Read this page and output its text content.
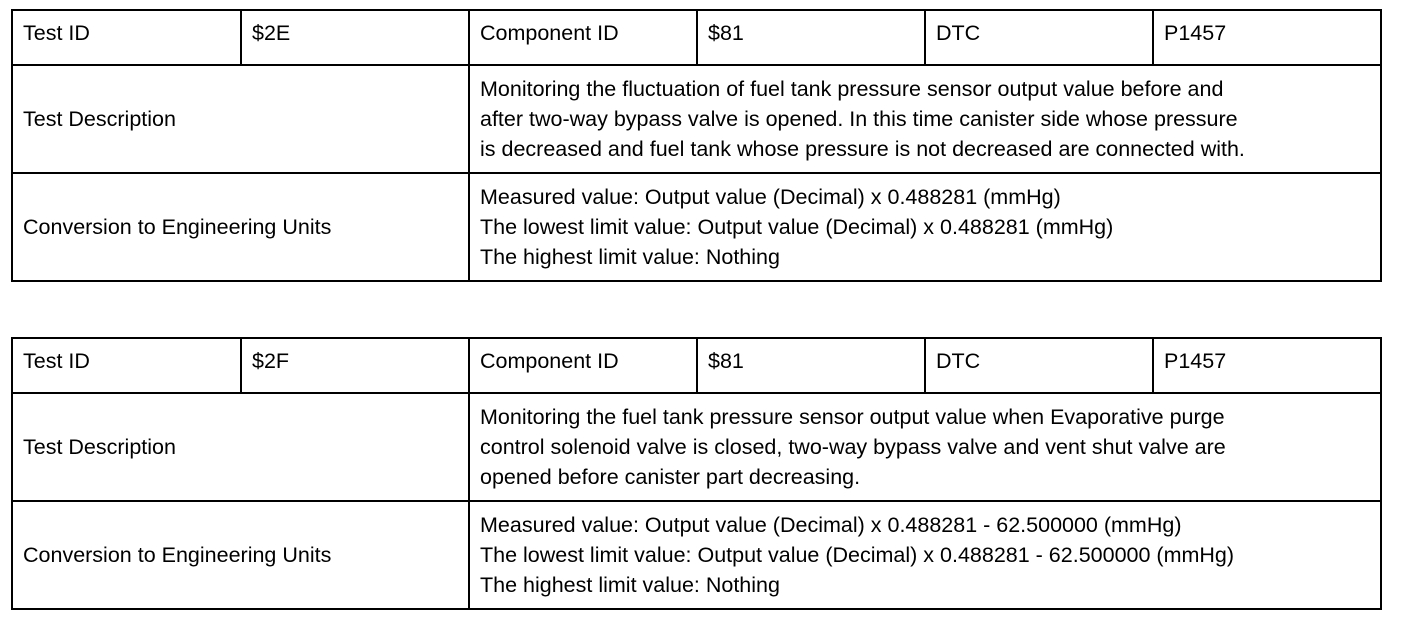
Test ID	$2E	Component ID	$81	DTC	P1457
Test Description		Monitoring the fluctuation of fuel tank pressure sensor output value before and
after two-way bypass valve is opened. In this time canister side whose pressure
is decreased and fuel tank whose pressure is not decreased are connected with.			

Conversion to Engineering Units		Measured value: Output value (Decimal) x 0.488281 (mmHg)
The lowest limit value: Output value (Decimal) x 0.488281 (mmHg)
The highest limit value: Nothing			
Test ID	$2F	Component ID	$81	DTC	P1457
Test Description		Monitoring the fuel tank pressure sensor output value when Evaporative purge
control solenoid valve is closed, two-way bypass valve and vent shut valve are
opened before canister part decreasing.			

Conversion to Engineering Units		Measured value: Output value (Decimal) x 0.488281 - 62.500000 (mmHg)
The lowest limit value: Output value (Decimal) x 0.488281 - 62.500000 (mmHg)
The highest limit value: Nothing			
